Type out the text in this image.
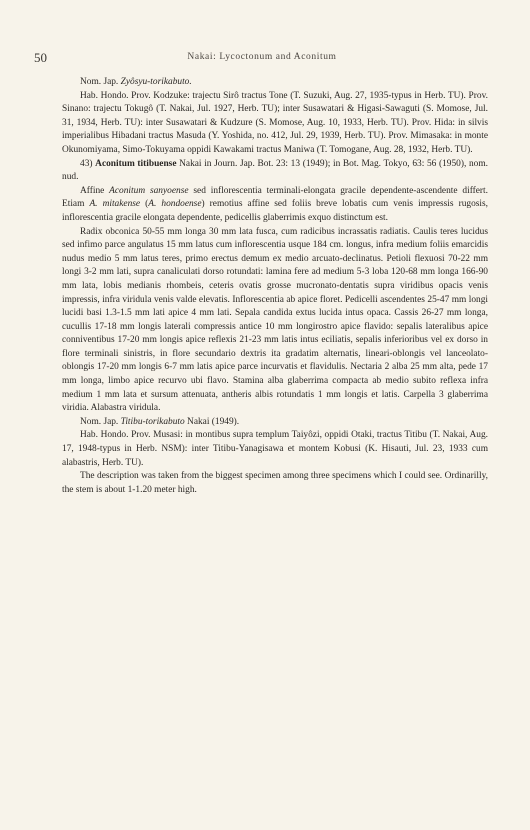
50	Nakai: Lycoctonum and Aconitum

Nom. Jap. Zyôsyu-torikabuto.

Hab. Hondo. Prov. Kodzuke: trajectu Sirô tractus Tone (T. Suzuki, Aug. 27, 1935-typus in Herb. TU). Prov. Sinano: trajectu Tokugô (T. Nakai, Jul. 1927, Herb. TU); inter Susawatari & Higasi-Sawaguti (S. Momose, Jul. 31, 1934, Herb. TU): inter Susawatari & Kudzure (S. Momose, Aug. 10, 1933, Herb. TU). Prov. Hida: in silvis imperialibus Hibadani tractus Masuda (Y. Yoshida, no. 412, Jul. 29, 1939, Herb. TU). Prov. Mimasaka: in monte Okunomiyama, Simo-Tokuyama oppidi Kawakami tractus Maniwa (T. Tomogane, Aug. 28, 1932, Herb. TU).

43) Aconitum titibuense Nakai in Journ. Jap. Bot. 23: 13 (1949); in Bot. Mag. Tokyo, 63: 56 (1950), nom. nud.

Affine Aconitum sanyoense sed inflorescentia terminali-elongata gracile dependente-ascendente differt. Etiam A. mitakense (A. hondoense) remotius affine sed foliis breve lobatis cum venis impressis rugosis, inflorescentia gracile elongata dependente, pedicellis glaberrimis exquo distinctum est.

Radix obconica 50-55 mm longa 30 mm lata fusca, cum radicibus incrassatis radiatis. Caulis teres lucidus sed infimo parce angulatus 15 mm latus cum inflorescentia usque 184 cm. longus, infra medium foliis emarcidis nudus medio 5 mm latus teres, primo erectus demum ex medio arcuato-declinatus. Petioli flexuosi 70-22 mm longi 3-2 mm lati, supra canaliculati dorso rotundati: lamina fere ad medium 5-3 loba 120-68 mm longa 166-90 mm lata, lobis medianis rhombeis, ceteris ovatis grosse mucronato-dentatis supra viridibus opacis venis impressis, infra viridula venis valde elevatis. Inflorescentia ab apice floret. Pedicelli ascendentes 25-47 mm longi lucidi basi 1.3-1.5 mm lati apice 4 mm lati. Sepala candida extus lucida intus opaca. Cassis 26-27 mm longa, cucullis 17-18 mm longis laterali compressis antice 10 mm longirostro apice flavido: sepalis lateralibus apice conniventibus 17-20 mm longis apice reflexis 21-23 mm latis intus eciliatis, sepalis inferioribus vel ex dorso in flore terminali sinistris, in flore secundario dextris ita gradatim alternatis, lineari-oblongis vel lanceolato-oblongis 17-20 mm longis 6-7 mm latis apice parce incurvatis et flavidulis. Nectaria 2 alba 25 mm alta, pede 17 mm longa, limbo apice recurvo ubi flavo. Stamina alba glaberrima compacta ab medio subito reflexa infra medium 1 mm lata et sursum attenuata, antheris albis rotundatis 1 mm longis et latis. Carpella 3 glaberrima viridia. Alabastra viridula.

Nom. Jap. Titibu-torikabuto Nakai (1949).

Hab. Hondo. Prov. Musasi: in montibus supra templum Taiyôzi, oppidi Otaki, tractus Titibu (T. Nakai, Aug. 17, 1948-typus in Herb. NSM): inter Titibu-Yanagisawa et montem Kobusi (K. Hisauti, Jul. 23, 1933 cum alabastris, Herb. TU).

The description was taken from the biggest specimen among three specimens which I could see. Ordinarilly, the stem is about 1-1.20 meter high.
